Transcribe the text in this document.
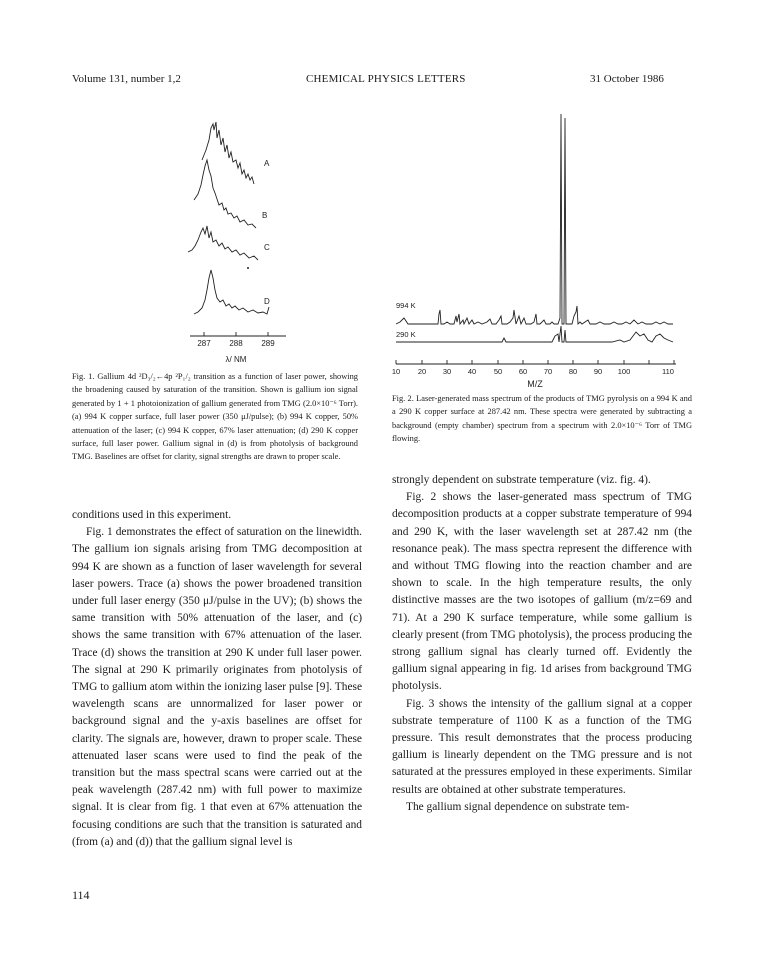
Volume 131, number 1,2	CHEMICAL PHYSICS LETTERS	31 October 1986
A
B
C
D
287 288 289
λ/ NM
994 K
290 K
10 20 30 40 50 60 70 80 90 100	110
M/Z
Fig. 1. Gallium 4d ²D₃/₂←4p ²P₁/₂ transition as a function of laser power, showing the broadening caused by saturation of the transition. Shown is gallium ion signal generated by 1 + 1 photoionization of gallium generated from TMG (2.0×10⁻⁶ Torr). (a) 994 K copper surface, full laser power (350 μJ/pulse); (b) 994 K copper, 50% attenuation of the laser; (c) 994 K copper, 67% laser attenuation; (d) 290 K copper surface, full laser power. Gallium signal in (d) is from photolysis of background TMG. Baselines are offset for clarity, signal strengths are drawn to proper scale.
Fig. 2. Laser-generated mass spectrum of the products of TMG pyrolysis on a 994 K and a 290 K copper surface at 287.42 nm. These spectra were generated by subtracting a background (empty chamber) spectrum from a spectrum with 2.0×10⁻⁶ Torr of TMG flowing.

conditions used in this experiment.

Fig. 1 demonstrates the effect of saturation on the linewidth. The gallium ion signals arising from TMG decomposition at 994 K are shown as a function of laser wavelength for several laser powers. Trace (a) shows the power broadened transition under full laser energy (350 μJ/pulse in the UV); (b) shows the same transition with 50% attenuation of the laser, and (c) shows the same transition with 67% attenuation of the laser. Trace (d) shows the transition at 290 K under full laser power. The signal at 290 K primarily originates from photolysis of TMG to gallium atom within the ionizing laser pulse [9]. These wavelength scans are unnormalized for laser power or background signal and the y-axis baselines are offset for clarity. The signals are, however, drawn to proper scale. These attenuated laser scans were used to find the peak of the transition but the mass spectral scans were carried out at the peak wavelength (287.42 nm) with full power to maximize signal. It is clear from fig. 1 that even at 67% attenuation the focusing conditions are such that the transition is saturated and (from (a) and (d)) that the gallium signal level is

strongly dependent on substrate temperature (viz. fig. 4).

Fig. 2 shows the laser-generated mass spectrum of TMG decomposition products at a copper substrate temperature of 994 and 290 K, with the laser wavelength set at 287.42 nm (the resonance peak). The mass spectra represent the difference with and without TMG flowing into the reaction chamber and are shown to scale. In the high temperature results, the only distinctive masses are the two isotopes of gallium (m/z=69 and 71). At a 290 K surface temperature, while some gallium is clearly present (from TMG photolysis), the process producing the strong gallium signal has clearly turned off. Evidently the gallium signal appearing in fig. 1d arises from background TMG photolysis.

Fig. 3 shows the intensity of the gallium signal at a copper substrate temperature of 1100 K as a function of the TMG pressure. This result demonstrates that the process producing gallium is linearly dependent on the TMG pressure and is not saturated at the pressures employed in these experiments. Similar results are obtained at other substrate temperatures.

The gallium signal dependence on substrate tem-

114
